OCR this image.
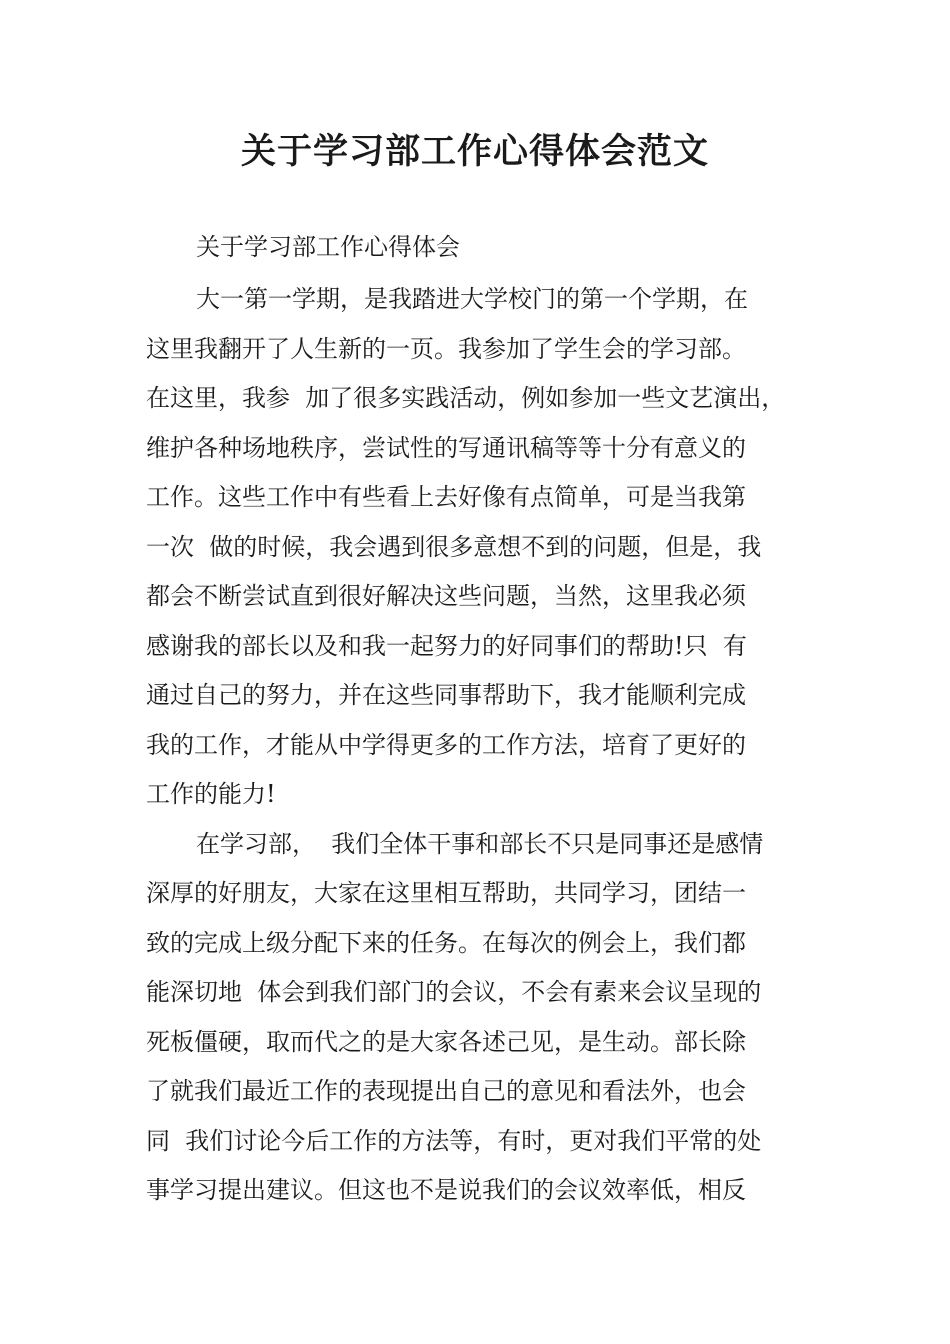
关于学习部工作心得体会范文
关于学习部工作心得体会
大一第一学期，是我踏进大学校门的第一个学期，在
这里我翻开了人生新的一页。我参加了学生会的学习部。
在这里，我参  加了很多实践活动，例如参加一些文艺演出，
维护各种场地秩序，尝试性的写通讯稿等等十分有意义的
工作。这些工作中有些看上去好像有点简单，可是当我第
一次  做的时候，我会遇到很多意想不到的问题，但是，我
都会不断尝试直到很好解决这些问题，当然，这里我必须
感谢我的部长以及和我一起努力的好同事们的帮助!只  有
通过自己的努力，并在这些同事帮助下，我才能顺利完成
我的工作，才能从中学得更多的工作方法，培育了更好的
工作的能力!
在学习部，  我们全体干事和部长不只是同事还是感情
深厚的好朋友，大家在这里相互帮助，共同学习，团结一
致的完成上级分配下来的任务。在每次的例会上，我们都
能深切地  体会到我们部门的会议，不会有素来会议呈现的
死板僵硬，取而代之的是大家各述己见，是生动。部长除
了就我们最近工作的表现提出自己的意见和看法外，也会
同  我们讨论今后工作的方法等，有时，更对我们平常的处
事学习提出建议。但这也不是说我们的会议效率低，相反
